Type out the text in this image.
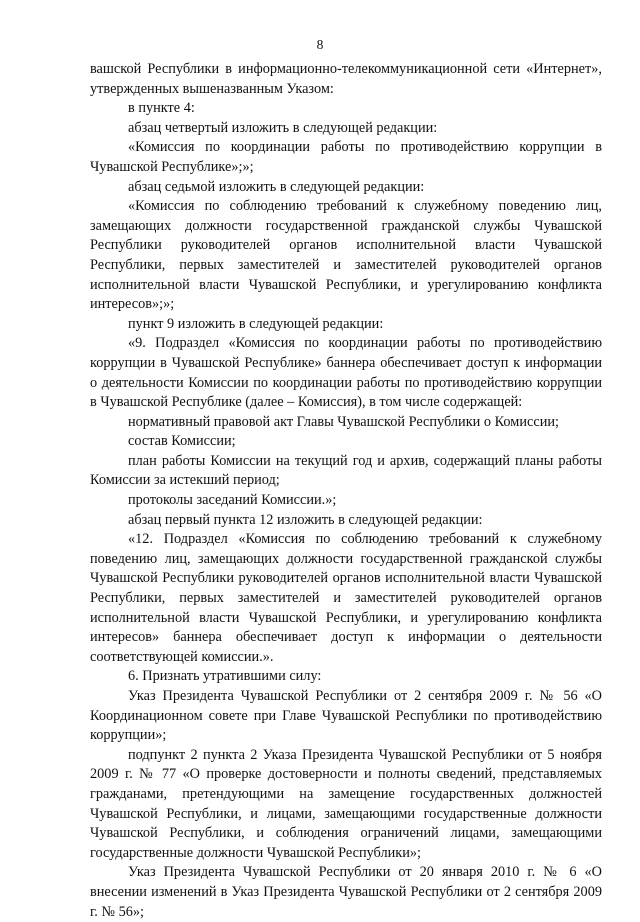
8

вашской Республики в информационно-телекоммуникационной сети «Интернет», утвержденных вышеназванным Указом:

в пункте 4:

абзац четвертый изложить в следующей редакции:

«Комиссия по координации работы по противодействию коррупции в Чувашской Республике»;»;

абзац седьмой изложить в следующей редакции:

«Комиссия по соблюдению требований к служебному поведению лиц, замещающих должности государственной гражданской службы Чувашской Республики руководителей органов исполнительной власти Чувашской Республики, первых заместителей и заместителей руководителей органов исполнительной власти Чувашской Республики, и урегулированию конфликта интересов»;»;

пункт 9 изложить в следующей редакции:

«9. Подраздел «Комиссия по координации работы по противодействию коррупции в Чувашской Республике» баннера обеспечивает доступ к информации о деятельности Комиссии по координации работы по противодействию коррупции в Чувашской Республике (далее – Комиссия), в том числе содержащей:

нормативный правовой акт Главы Чувашской Республики о Комиссии;

состав Комиссии;

план работы Комиссии на текущий год и архив, содержащий планы работы Комиссии за истекший период;

протоколы заседаний Комиссии.»;

абзац первый пункта 12 изложить в следующей редакции:

«12. Подраздел «Комиссия по соблюдению требований к служебному поведению лиц, замещающих должности государственной гражданской службы Чувашской Республики руководителей органов исполнительной власти Чувашской Республики, первых заместителей и заместителей руководителей органов исполнительной власти Чувашской Республики, и урегулированию конфликта интересов» баннера обеспечивает доступ к информации о деятельности соответствующей комиссии.».

6. Признать утратившими силу:

Указ Президента Чувашской Республики от 2 сентября 2009 г. № 56 «О Координационном совете при Главе Чувашской Республики по противодействию коррупции»;

подпункт 2 пункта 2 Указа Президента Чувашской Республики от 5 ноября 2009 г. № 77 «О проверке достоверности и полноты сведений, представляемых гражданами, претендующими на замещение государственных должностей Чувашской Республики, и лицами, замещающими государственные должности Чувашской Республики, и соблюдения ограничений лицами, замещающими государственные должности Чувашской Республики»;

Указ Президента Чувашской Республики от 20 января 2010 г. № 6 «О внесении изменений в Указ Президента Чувашской Республики от 2 сентября 2009 г. № 56»;
